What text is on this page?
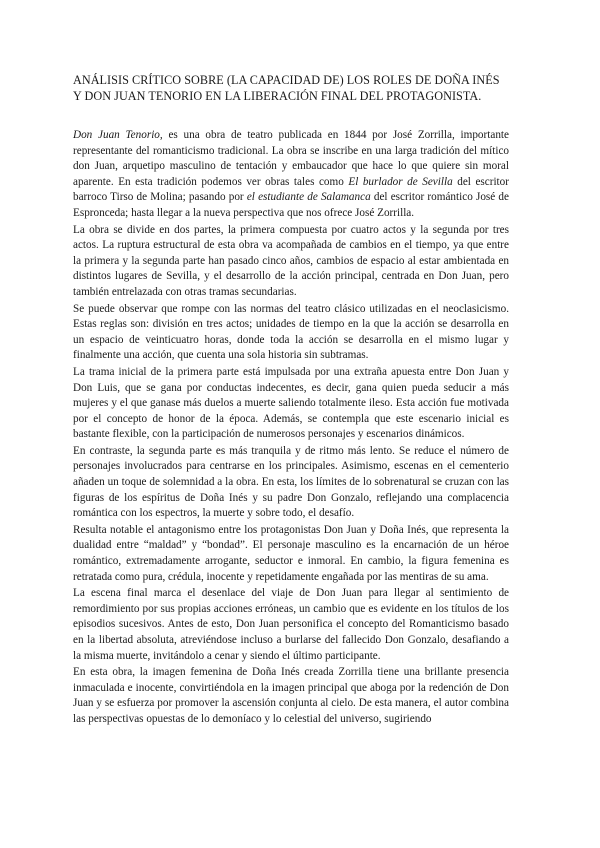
ANÁLISIS CRÍTICO SOBRE (LA CAPACIDAD DE) LOS ROLES DE DOÑA INÉS Y DON JUAN TENORIO EN LA LIBERACIÓN FINAL DEL PROTAGONISTA.

Don Juan Tenorio, es una obra de teatro publicada en 1844 por José Zorrilla, importante representante del romanticismo tradicional. La obra se inscribe en una larga tradición del mítico don Juan, arquetipo masculino de tentación y embaucador que hace lo que quiere sin moral aparente. En esta tradición podemos ver obras tales como El burlador de Sevilla del escritor barroco Tirso de Molina; pasando por el estudiante de Salamanca del escritor romántico José de Espronceda; hasta llegar a la nueva perspectiva que nos ofrece José Zorrilla.

La obra se divide en dos partes, la primera compuesta por cuatro actos y la segunda por tres actos. La ruptura estructural de esta obra va acompañada de cambios en el tiempo, ya que entre la primera y la segunda parte han pasado cinco años, cambios de espacio al estar ambientada en distintos lugares de Sevilla, y el desarrollo de la acción principal, centrada en Don Juan, pero también entrelazada con otras tramas secundarias.

Se puede observar que rompe con las normas del teatro clásico utilizadas en el neoclasicismo. Estas reglas son: división en tres actos; unidades de tiempo en la que la acción se desarrolla en un espacio de veinticuatro horas, donde toda la acción se desarrolla en el mismo lugar y finalmente una acción, que cuenta una sola historia sin subtramas.

La trama inicial de la primera parte está impulsada por una extraña apuesta entre Don Juan y Don Luis, que se gana por conductas indecentes, es decir, gana quien pueda seducir a más mujeres y el que ganase más duelos a muerte saliendo totalmente ileso. Esta acción fue motivada por el concepto de honor de la época. Además, se contempla que este escenario inicial es bastante flexible, con la participación de numerosos personajes y escenarios dinámicos.

En contraste, la segunda parte es más tranquila y de ritmo más lento. Se reduce el número de personajes involucrados para centrarse en los principales. Asimismo, escenas en el cementerio añaden un toque de solemnidad a la obra. En esta, los límites de lo sobrenatural se cruzan con las figuras de los espíritus de Doña Inés y su padre Don Gonzalo, reflejando una complacencia romántica con los espectros, la muerte y sobre todo, el desafío.

Resulta notable el antagonismo entre los protagonistas Don Juan y Doña Inés, que representa la dualidad entre “maldad” y “bondad”. El personaje masculino es la encarnación de un héroe romántico, extremadamente arrogante, seductor e inmoral. En cambio, la figura femenina es retratada como pura, crédula, inocente y repetidamente engañada por las mentiras de su ama.

La escena final marca el desenlace del viaje de Don Juan para llegar al sentimiento de remordimiento por sus propias acciones erróneas, un cambio que es evidente en los títulos de los episodios sucesivos. Antes de esto, Don Juan personifica el concepto del Romanticismo basado en la libertad absoluta, atreviéndose incluso a burlarse del fallecido Don Gonzalo, desafiando a la misma muerte, invitándolo a cenar y siendo el último participante.

En esta obra, la imagen femenina de Doña Inés creada Zorrilla tiene una brillante presencia inmaculada e inocente, convirtiéndola en la imagen principal que aboga por la redención de Don Juan y se esfuerza por promover la ascensión conjunta al cielo. De esta manera, el autor combina las perspectivas opuestas de lo demoníaco y lo celestial del universo, sugiriendo
